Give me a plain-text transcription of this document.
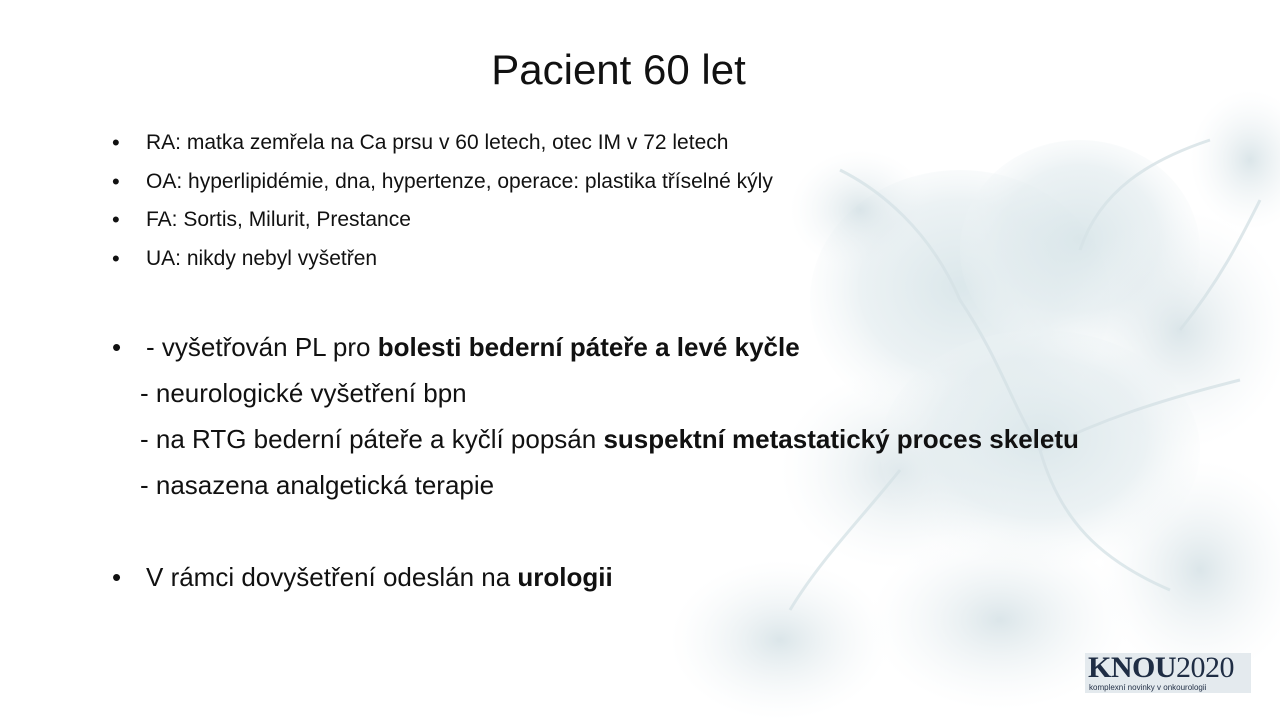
Pacient 60 let
• RA: matka zemřela na Ca prsu v 60 letech, otec IM v 72 letech
• OA: hyperlipidémie, dna, hypertenze, operace: plastika tříselné kýly
• FA: Sortis, Milurit, Prestance
• UA: nikdy nebyl vyšetřen
• - vyšetřován PL pro bolesti bederní páteře a levé kyčle
- neurologické vyšetření bpn
- na RTG bederní páteře a kyčlí popsán suspektní metastatický proces skeletu
- nasazena analgetická terapie
• V rámci dovyšetření odeslán na urologii
KNOU2020
komplexní novinky v onkourologii
